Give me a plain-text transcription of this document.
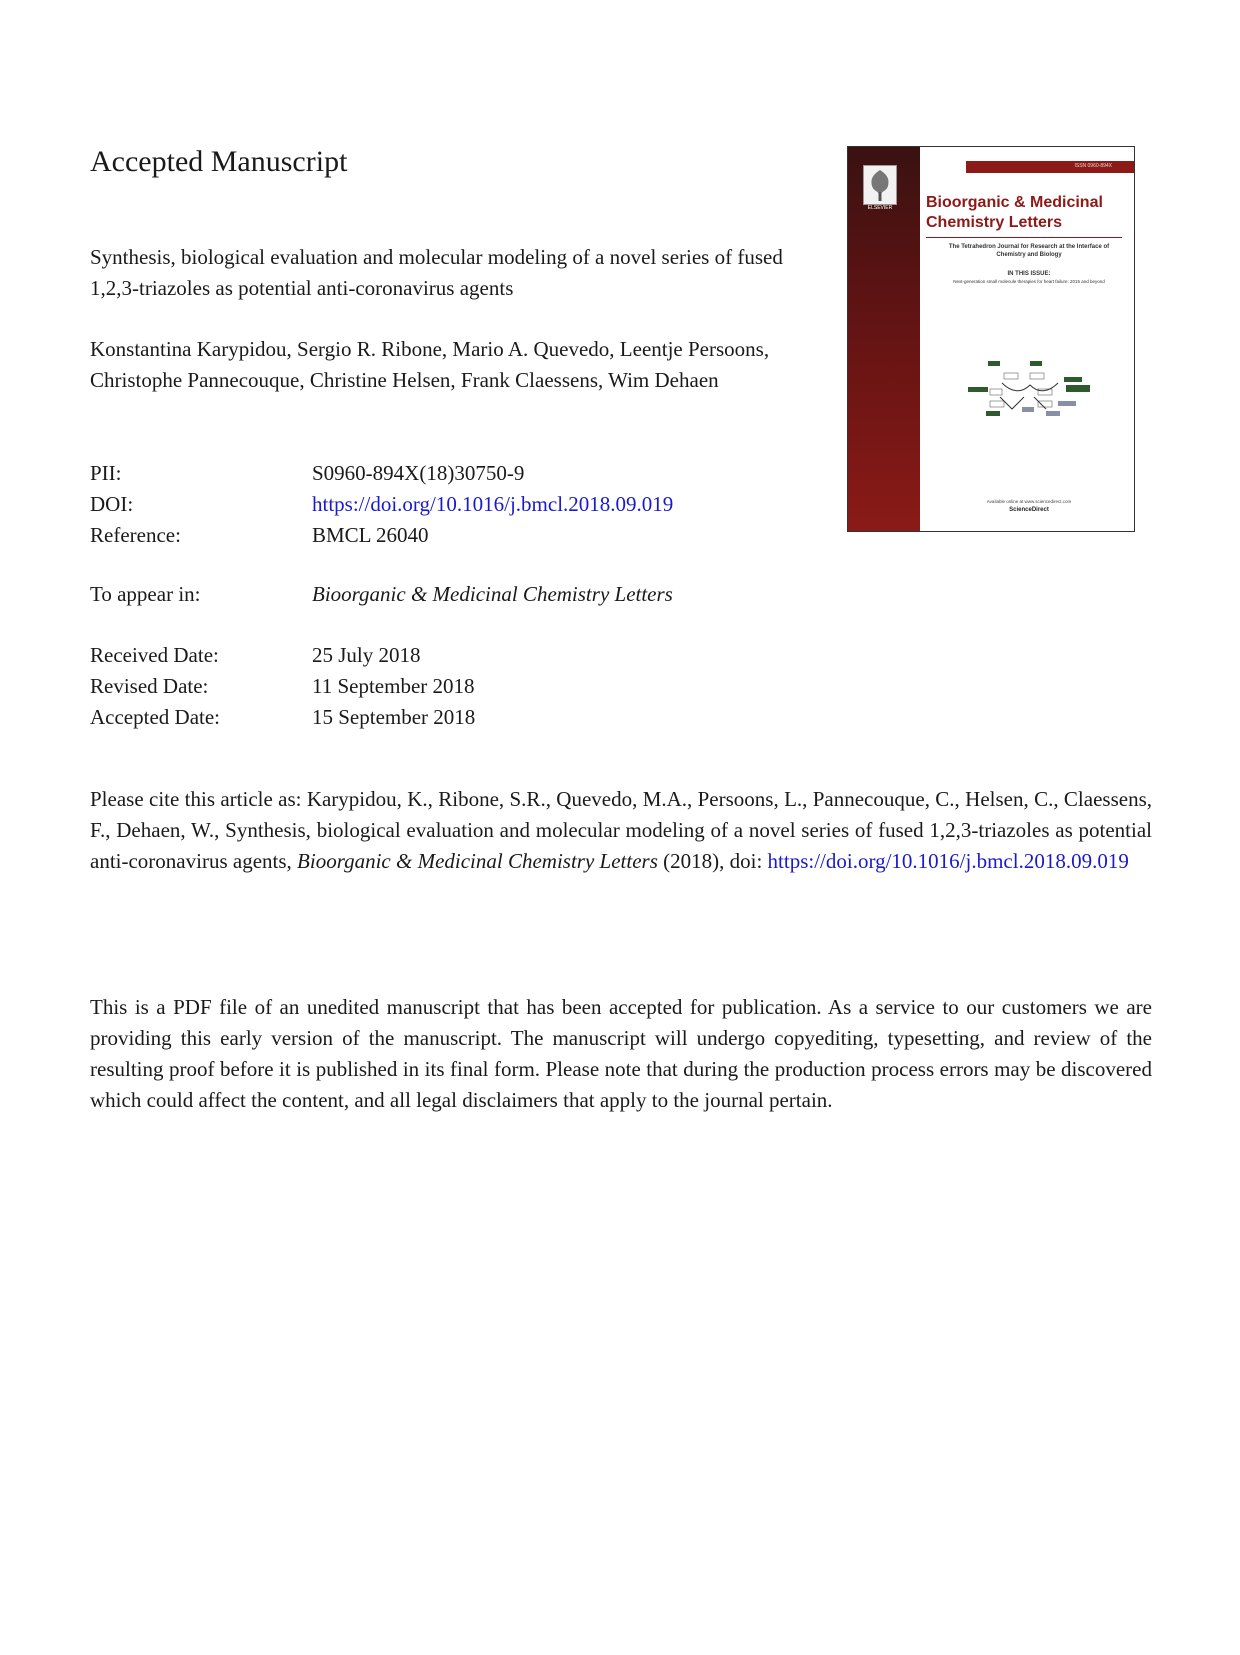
Accepted Manuscript
Synthesis, biological evaluation and molecular modeling of a novel series of fused 1,2,3-triazoles as potential anti-coronavirus agents
Konstantina Karypidou, Sergio R. Ribone, Mario A. Quevedo, Leentje Persoons, Christophe Pannecouque, Christine Helsen, Frank Claessens, Wim Dehaen
PII:	S0960-894X(18)30750-9
DOI:	https://doi.org/10.1016/j.bmcl.2018.09.019
Reference:	BMCL 26040
To appear in:	Bioorganic & Medicinal Chemistry Letters
Received Date:	25 July 2018
Revised Date:	11 September 2018
Accepted Date:	15 September 2018
Please cite this article as: Karypidou, K., Ribone, S.R., Quevedo, M.A., Persoons, L., Pannecouque, C., Helsen, C., Claessens, F., Dehaen, W., Synthesis, biological evaluation and molecular modeling of a novel series of fused 1,2,3-triazoles as potential anti-coronavirus agents, Bioorganic & Medicinal Chemistry Letters (2018), doi: https://doi.org/10.1016/j.bmcl.2018.09.019
This is a PDF file of an unedited manuscript that has been accepted for publication. As a service to our customers we are providing this early version of the manuscript. The manuscript will undergo copyediting, typesetting, and review of the resulting proof before it is published in its final form. Please note that during the production process errors may be discovered which could affect the content, and all legal disclaimers that apply to the journal pertain.
ELSEVIER
ISSN 0960-894X
Bioorganic & Medicinal Chemistry Letters
The Tetrahedron Journal for Research at the Interface of Chemistry and Biology
IN THIS ISSUE:
Next-generation small molecule therapies for heart failure: 2015 and beyond
Available online at www.sciencedirect.com
ScienceDirect
